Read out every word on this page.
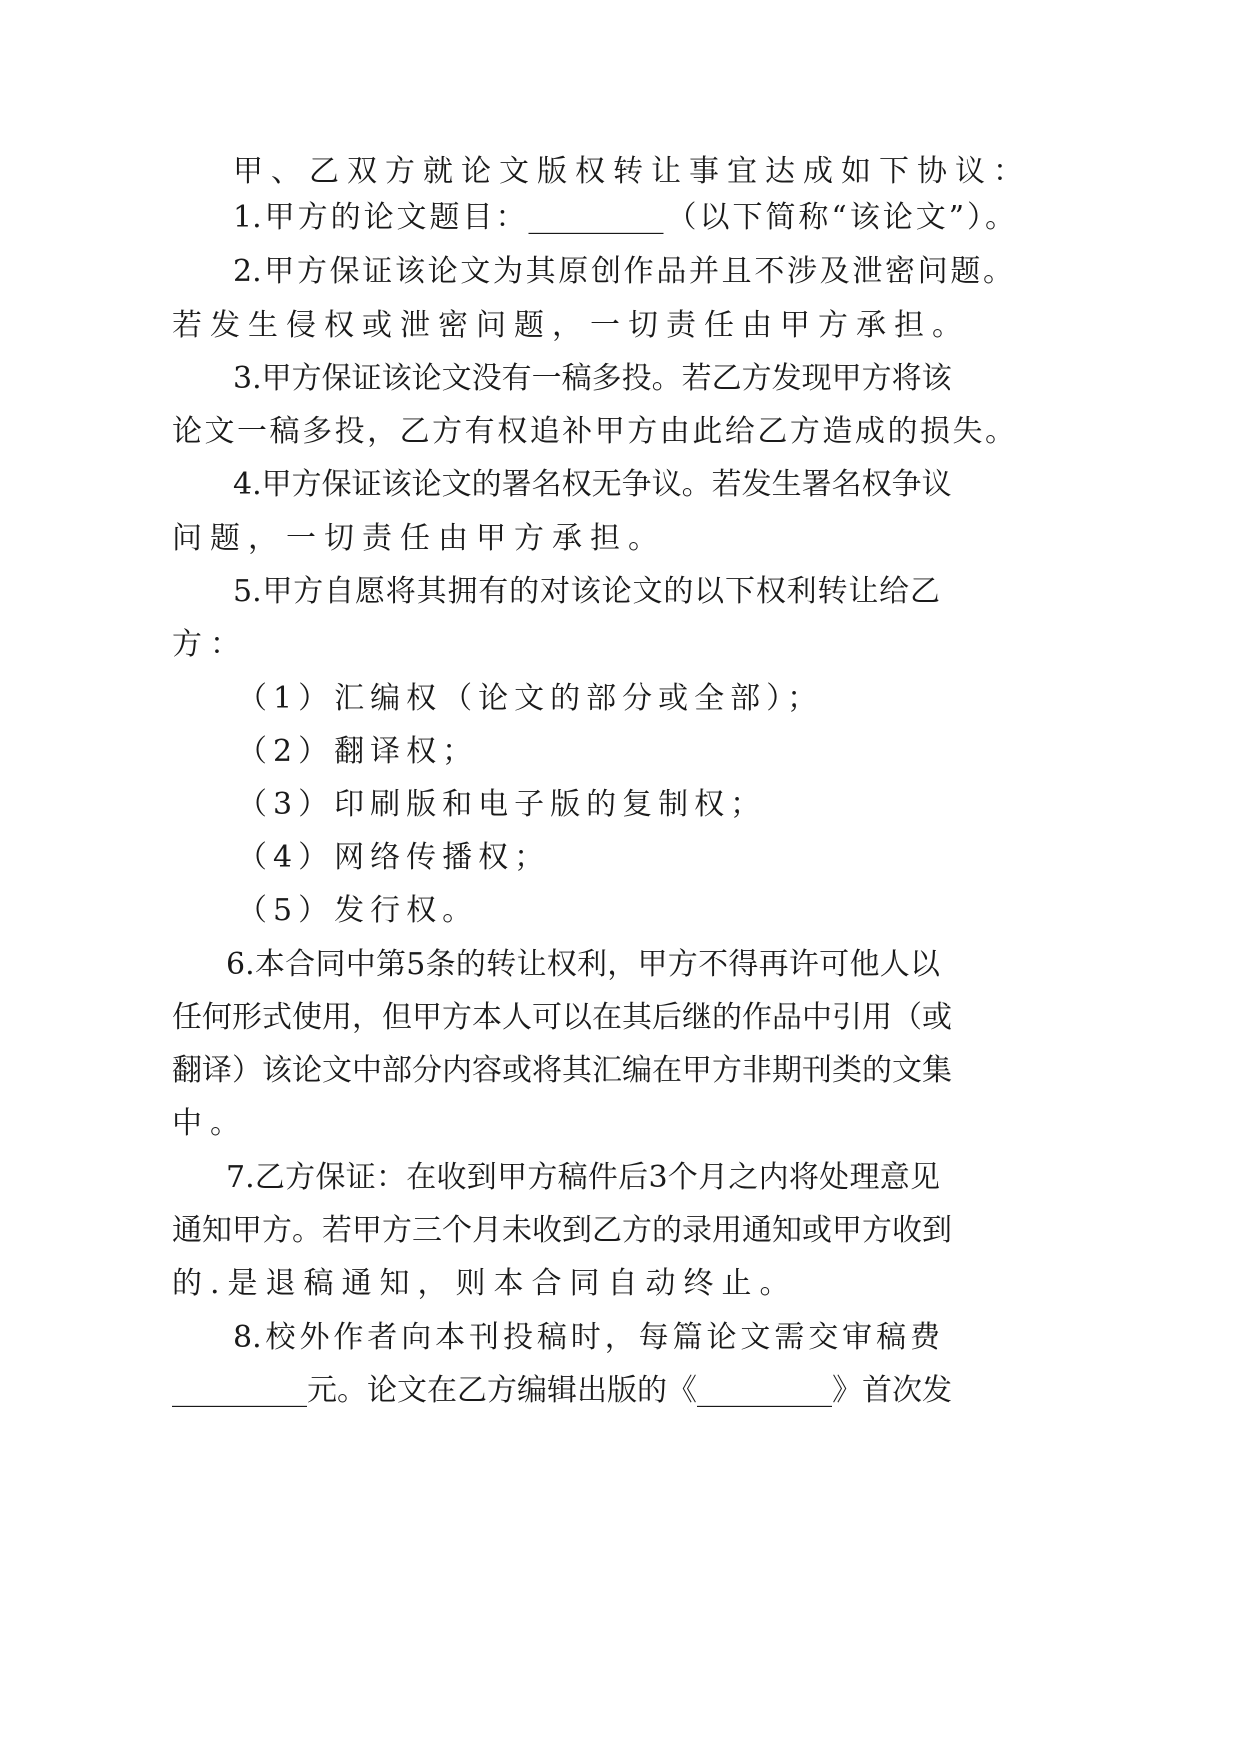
甲、乙双方就论文版权转让事宜达成如下协议：
1.甲方的论文题目：_________（以下简称“该论文”）。
2.甲方保证该论文为其原创作品并且不涉及泄密问题。
若发生侵权或泄密问题，一切责任由甲方承担。
3.甲方保证该论文没有一稿多投。若乙方发现甲方将该
论文一稿多投，乙方有权追补甲方由此给乙方造成的损失。
4.甲方保证该论文的署名权无争议。若发生署名权争议
问题，一切责任由甲方承担。
5.甲方自愿将其拥有的对该论文的以下权利转让给乙
方：
（1）汇编权（论文的部分或全部）；
（2）翻译权；
（3）印刷版和电子版的复制权；
（4）网络传播权；
（5）发行权。
6.本合同中第5条的转让权利，甲方不得再许可他人以
任何形式使用，但甲方本人可以在其后继的作品中引用（或
翻译）该论文中部分内容或将其汇编在甲方非期刊类的文集
中。
7.乙方保证：在收到甲方稿件后3个月之内将处理意见
通知甲方。若甲方三个月未收到乙方的录用通知或甲方收到
的.是退稿通知，则本合同自动终止。
8.校外作者向本刊投稿时，每篇论文需交审稿费
_________元。论文在乙方编辑出版的《_________》首次发
